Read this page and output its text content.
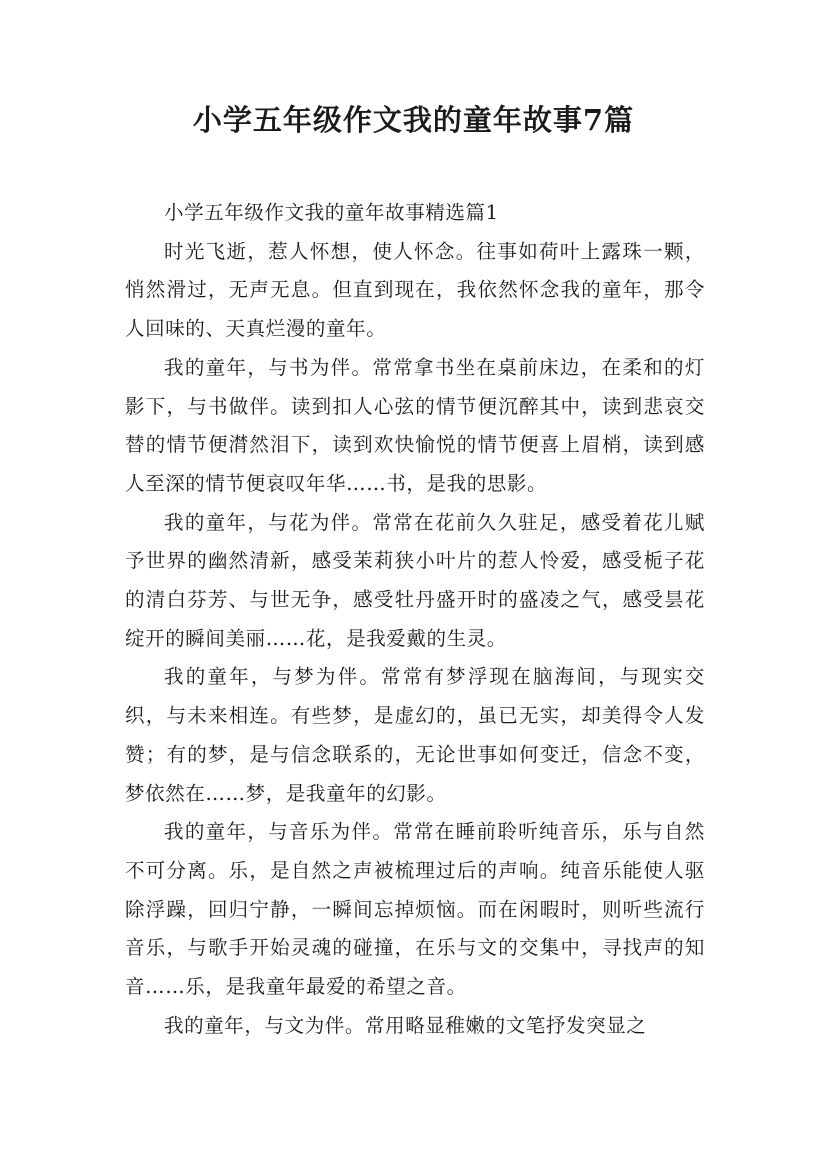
小学五年级作文我的童年故事7篇

小学五年级作文我的童年故事精选篇1

时光飞逝，惹人怀想，使人怀念。往事如荷叶上露珠一颗，悄然滑过，无声无息。但直到现在，我依然怀念我的童年，那令人回味的、天真烂漫的童年。

我的童年，与书为伴。常常拿书坐在桌前床边，在柔和的灯影下，与书做伴。读到扣人心弦的情节便沉醉其中，读到悲哀交替的情节便潸然泪下，读到欢快愉悦的情节便喜上眉梢，读到感人至深的情节便哀叹年华……书，是我的思影。

我的童年，与花为伴。常常在花前久久驻足，感受着花儿赋予世界的幽然清新，感受茉莉狭小叶片的惹人怜爱，感受栀子花的清白芬芳、与世无争，感受牡丹盛开时的盛凌之气，感受昙花绽开的瞬间美丽……花，是我爱戴的生灵。

我的童年，与梦为伴。常常有梦浮现在脑海间，与现实交织，与未来相连。有些梦，是虚幻的，虽已无实，却美得令人发赞；有的梦，是与信念联系的，无论世事如何变迁，信念不变，梦依然在……梦，是我童年的幻影。

我的童年，与音乐为伴。常常在睡前聆听纯音乐，乐与自然不可分离。乐，是自然之声被梳理过后的声响。纯音乐能使人驱除浮躁，回归宁静，一瞬间忘掉烦恼。而在闲暇时，则听些流行音乐，与歌手开始灵魂的碰撞，在乐与文的交集中，寻找声的知音……乐，是我童年最爱的希望之音。

我的童年，与文为伴。常用略显稚嫩的文笔抒发突显之
